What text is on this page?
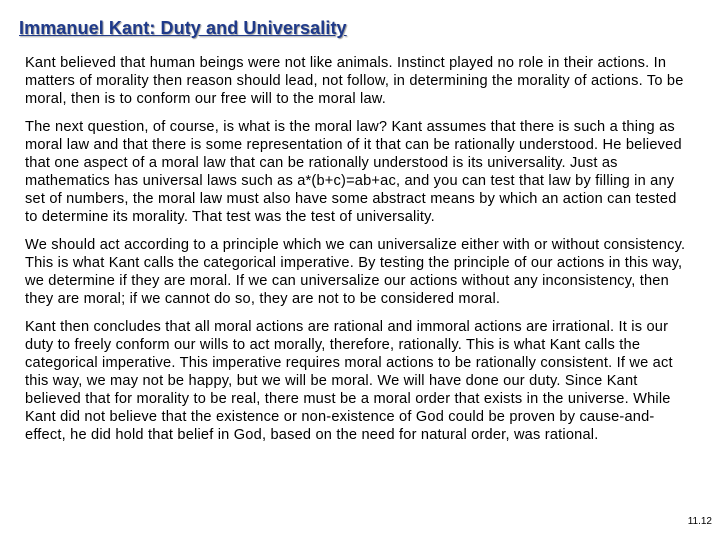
Immanuel Kant: Duty and Universality

Kant believed that human beings were not like animals. Instinct played no role in their actions. In matters of morality then reason should lead, not follow, in determining the morality of actions. To be moral, then is to conform our free will to the moral law.

The next question, of course, is what is the moral law? Kant assumes that there is such a thing as moral law and that there is some representation of it that can be rationally understood. He believed that one aspect of a moral law that can be rationally understood is its universality. Just as mathematics has universal laws such as a*(b+c)=ab+ac, and you can test that law by filling in any set of numbers, the moral law must also have some abstract means by which an action can tested to determine its morality. That test was the test of universality.

We should act according to a principle which we can universalize either with or without consistency. This is what Kant calls the categorical imperative. By testing the principle of our actions in this way, we determine if they are moral. If we can universalize our actions without any inconsistency, then they are moral; if we cannot do so, they are not to be considered moral.

Kant then concludes that all moral actions are rational and immoral actions are irrational. It is our duty to freely conform our wills to act morally, therefore, rationally. This is what Kant calls the categorical imperative. This imperative requires moral actions to be rationally consistent. If we act this way, we may not be happy, but we will be moral. We will have done our duty. Since Kant believed that for morality to be real, there must be a moral order that exists in the universe. While Kant did not believe that the existence or non-existence of God could be proven by cause-and-effect, he did hold that belief in God, based on the need for natural order, was rational.

11.12
